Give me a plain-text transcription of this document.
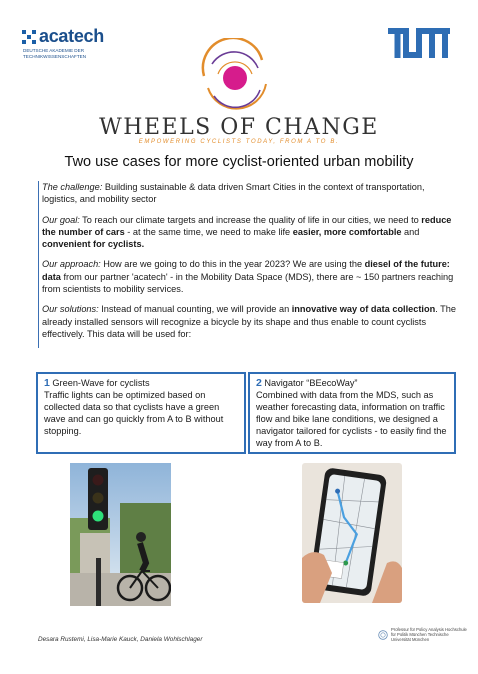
acatech
DEUTSCHE AKADEMIE DER TECHNIKWISSENSCHAFTEN
WHEELS OF CHANGE
EMPOWERING CYCLISTS TODAY, FROM A TO B.
Two use cases for more cyclist-oriented urban mobility

The challenge: Building sustainable & data driven Smart Cities in the context of transportation, logistics, and mobility sector

Our goal: To reach our climate targets and increase the quality of life in our cities, we need to reduce the number of cars - at the same time, we need to make life easier, more comfortable and convenient for cyclists.

Our approach: How are we going to do this in the year 2023? We are using the diesel of the future: data from our partner 'acatech' - in the Mobility Data Space (MDS), there are ~ 150 partners reaching from scientists to mobility services.

Our solutions: Instead of manual counting, we will provide an innovative way of data collection. The already installed sensors will recognize a bicycle by its shape and thus enable to count cyclists effectively. This data will be used for:

1 Green-Wave for cyclists
Traffic lights can be optimized based on collected data so that cyclists have a green wave and can go quickly from A to B without stopping.
2 Navigator “BEecoWay”
Combined with data from the MDS, such as weather forecasting data, information on traffic flow and bike lane conditions, we designed a navigator tailored for cyclists - to easily find the way from A to B.
Desara Rustemi, Lisa-Marie Kauck, Daniela Wohlschlager
Professur für Policy Analysis Hochschule für Politik München Technische Universität München
